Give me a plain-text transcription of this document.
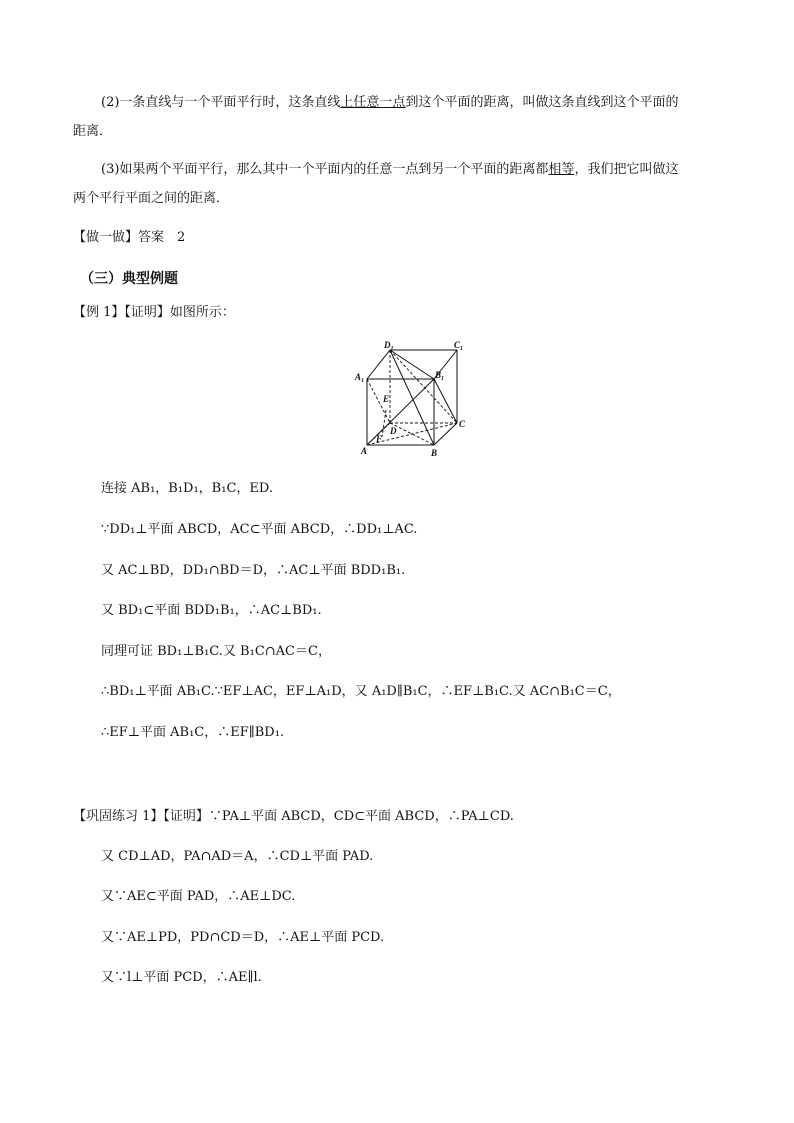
(2)一条直线与一个平面平行时，这条直线上任意一点到这个平面的距离，叫做这条直线到这个平面的
距离．
(3)如果两个平面平行，那么其中一个平面内的任意一点到另一个平面的距离都相等，我们把它叫做这
两个平行平面之间的距离．
【做一做】答案　2
（三）典型例题
【例 1】【证明】如图所示：
$D_1$	$C_1$
$A_1$
$B_1$
E
D
C
F
A	B
连接 AB₁，B₁D₁，B₁C，ED.
∵DD₁⊥平面 ABCD，AC⊂平面 ABCD，∴DD₁⊥AC.
又 AC⊥BD，DD₁∩BD＝D，∴AC⊥平面 BDD₁B₁.
又 BD₁⊂平面 BDD₁B₁，∴AC⊥BD₁.
同理可证 BD₁⊥B₁C.又 B₁C∩AC＝C，
∴BD₁⊥平面 AB₁C.∵EF⊥AC，EF⊥A₁D，又 A₁D∥B₁C，∴EF⊥B₁C.又 AC∩B₁C＝C，
∴EF⊥平面 AB₁C，∴EF∥BD₁.
【巩固练习 1】【证明】∵PA⊥平面 ABCD，CD⊂平面 ABCD，∴PA⊥CD.
又 CD⊥AD，PA∩AD＝A，∴CD⊥平面 PAD.
又∵AE⊂平面 PAD，∴AE⊥DC.
又∵AE⊥PD，PD∩CD＝D，∴AE⊥平面 PCD.
又∵l⊥平面 PCD，∴AE∥l.
